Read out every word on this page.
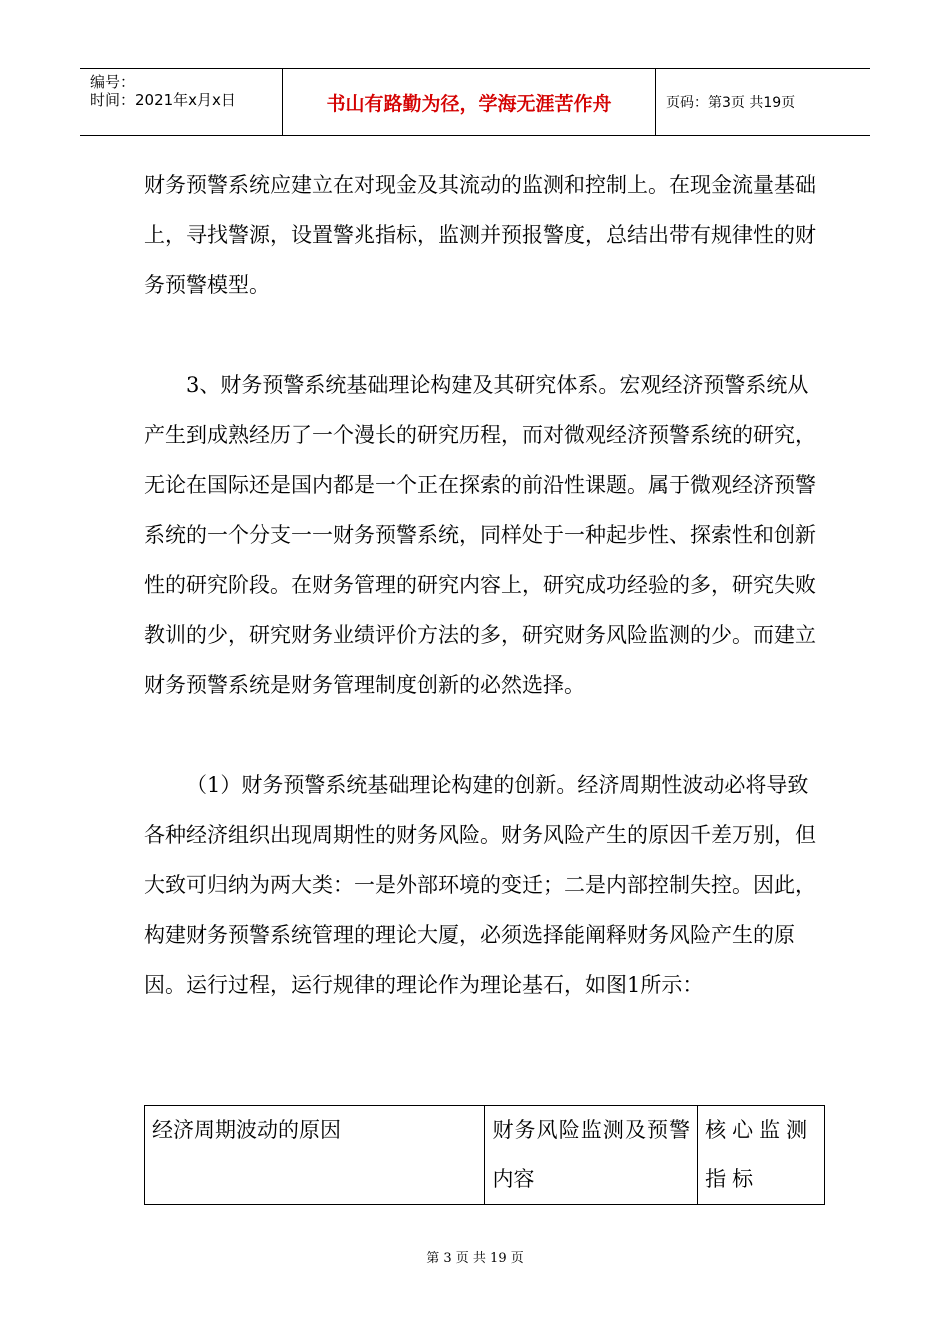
编号：
时间：2021年x月x日	书山有路勤为径，学海无涯苦作舟	页码：第3页 共19页

财务预警系统应建立在对现金及其流动的监测和控制上。在现金流量基础上，寻找警源，设置警兆指标，监测并预报警度，总结出带有规律性的财务预警模型。

3、财务预警系统基础理论构建及其研究体系。宏观经济预警系统从产生到成熟经历了一个漫长的研究历程，而对微观经济预警系统的研究，无论在国际还是国内都是一个正在探索的前沿性课题。属于微观经济预警系统的一个分支一一财务预警系统，同样处于一种起步性、探索性和创新性的研究阶段。在财务管理的研究内容上，研究成功经验的多，研究失败教训的少，研究财务业绩评价方法的多，研究财务风险监测的少。而建立财务预警系统是财务管理制度创新的必然选择。

（1）财务预警系统基础理论构建的创新。经济周期性波动必将导致各种经济组织出现周期性的财务风险。财务风险产生的原因千差万别，但大致可归纳为两大类：一是外部环境的变迁；二是内部控制失控。因此，构建财务预警系统管理的理论大厦，必须选择能阐释财务风险产生的原因。运行过程，运行规律的理论作为理论基石，如图1所示：

经济周期波动的原因	财务风险监测及预警内容	核心监测指标
第 3 页 共 19 页
